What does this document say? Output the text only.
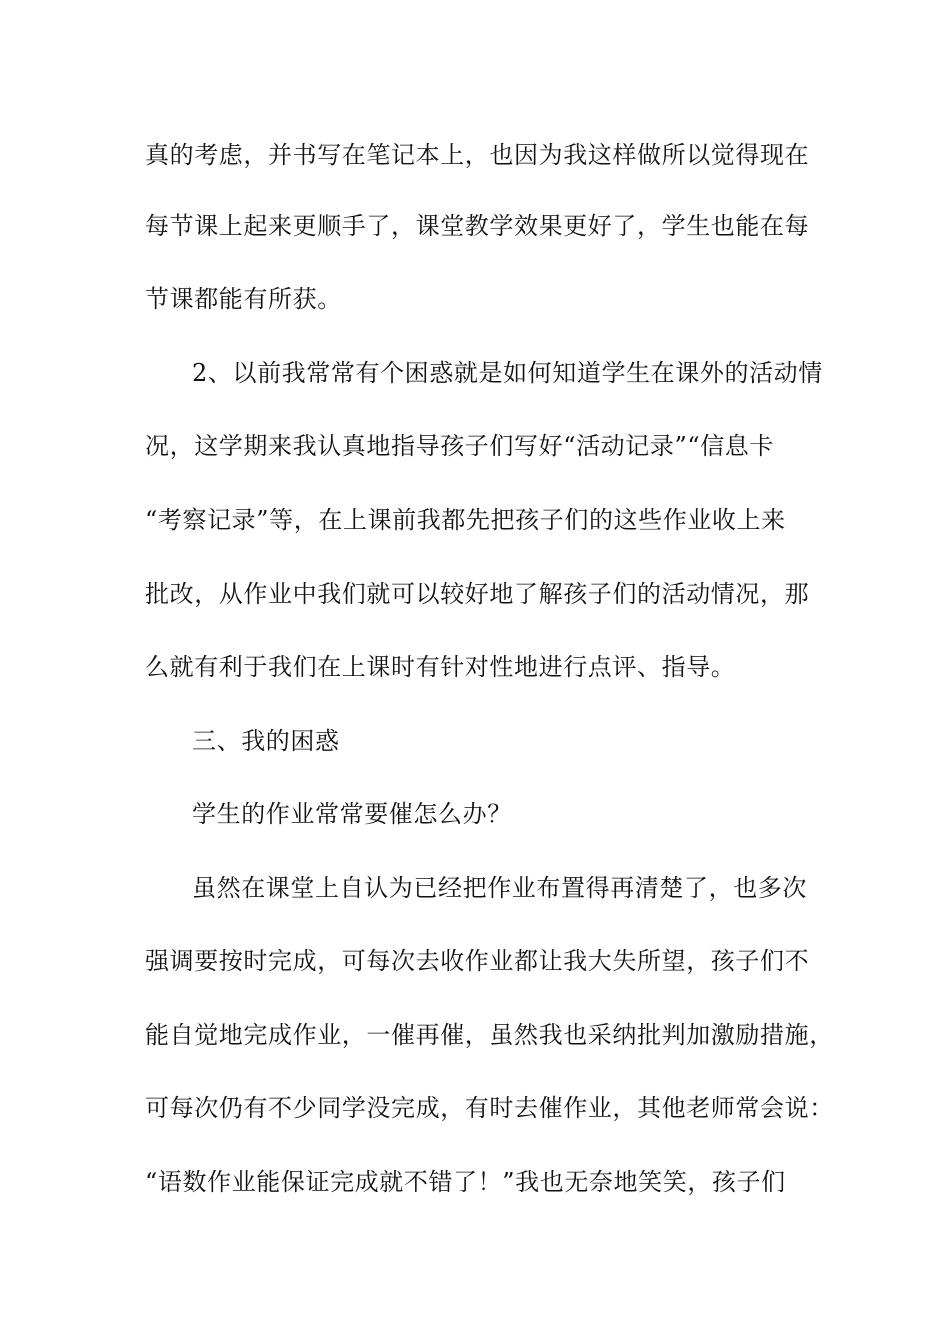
真的考虑，并书写在笔记本上，也因为我这样做所以觉得现在
每节课上起来更顺手了，课堂教学效果更好了，学生也能在每
节课都能有所获。
2、以前我常常有个困惑就是如何知道学生在课外的活动情
况，这学期来我认真地指导孩子们写好“活动记录”“信息卡
“考察记录”等，在上课前我都先把孩子们的这些作业收上来
批改，从作业中我们就可以较好地了解孩子们的活动情况，那
么就有利于我们在上课时有针对性地进行点评、指导。
三、我的困惑
学生的作业常常要催怎么办？
虽然在课堂上自认为已经把作业布置得再清楚了，也多次
强调要按时完成，可每次去收作业都让我大失所望，孩子们不
能自觉地完成作业，一催再催，虽然我也采纳批判加激励措施，
可每次仍有不少同学没完成，有时去催作业，其他老师常会说：
“语数作业能保证完成就不错了！”我也无奈地笑笑，孩子们
